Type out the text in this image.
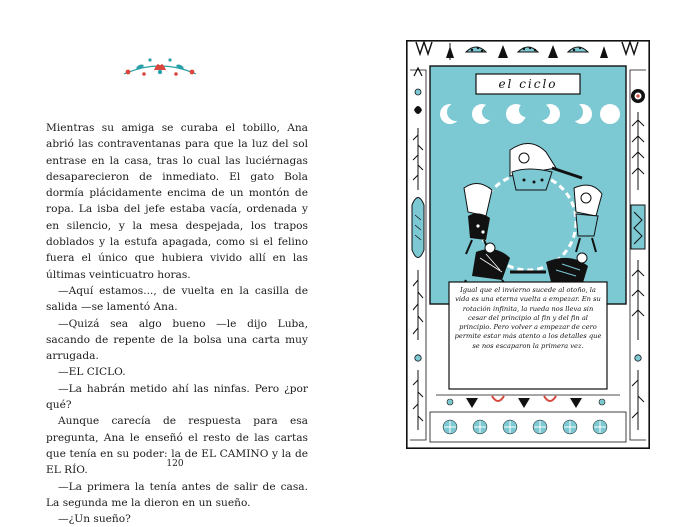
Mientras su amiga se curaba el tobillo, Ana abrió las contraventanas para que la luz del sol entrase en la casa, tras lo cual las luciérnagas desaparecieron de inmediato. El gato Bola dormía plácidamente encima de un montón de ropa. La isba del jefe estaba vacía, ordenada y en silencio, y la mesa despejada, los trapos doblados y la estufa apagada, como si el felino fuera el único que hubiera vivido allí en las últimas veinticuatro horas.

—Aquí estamos..., de vuelta en la casilla de salida —se lamentó Ana.

—Quizá sea algo bueno —le dijo Luba, sacando de repente de la bolsa una carta muy arrugada.

—EL CICLO.

—La habrán metido ahí las ninfas. Pero ¿por qué?

Aunque carecía de respuesta para esa pregunta, Ana le enseñó el resto de las cartas que tenía en su poder: la de EL CAMINO y la de EL RÍO.

—La primera la tenía antes de salir de casa. La segunda me la dieron en un sueño.

—¿Un sueño?

120
el ciclo
Igual que el invierno sucede al otoño, la vida es una eterna vuelta a empezar. En su rotación infinita, la rueda nos lleva sin cesar del principio al fin y del fin al principio. Pero volver a empezar de cero permite estar más atento a los detalles que se nos escaparon la primera vez.
